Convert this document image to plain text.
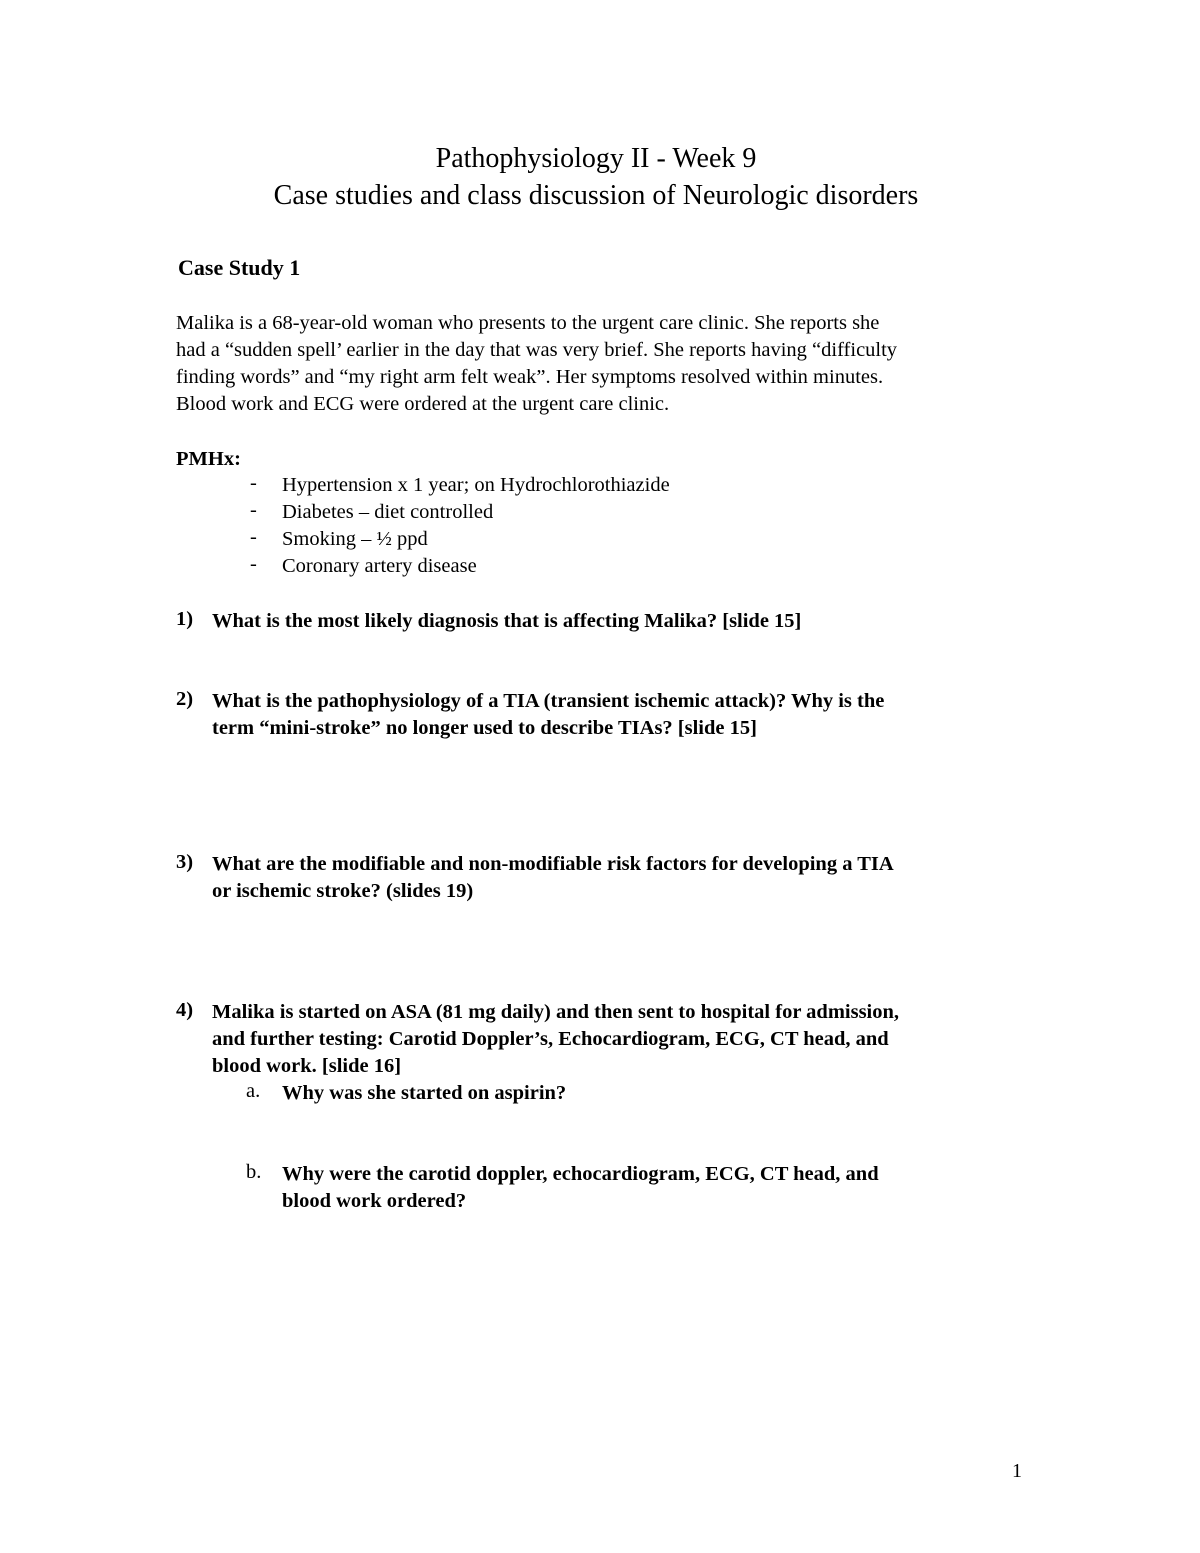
Pathophysiology II - Week 9
Case studies and class discussion of Neurologic disorders
Case Study 1
Malika is a 68-year-old woman who presents to the urgent care clinic. She reports she
had a “sudden spell’ earlier in the day that was very brief. She reports having “difficulty
finding words” and “my right arm felt weak”. Her symptoms resolved within minutes.
Blood work and ECG were ordered at the urgent care clinic.
PMHx:
- Hypertension x 1 year; on Hydrochlorothiazide
- Diabetes – diet controlled
- Smoking – ½ ppd
- Coronary artery disease
1) What is the most likely diagnosis that is affecting Malika? [slide 15]
2) What is the pathophysiology of a TIA (transient ischemic attack)? Why is the
term “mini-stroke” no longer used to describe TIAs? [slide 15]
3) What are the modifiable and non-modifiable risk factors for developing a TIA
or ischemic stroke? (slides 19)
4) Malika is started on ASA (81 mg daily) and then sent to hospital for admission,
and further testing: Carotid Doppler’s, Echocardiogram, ECG, CT head, and
blood work. [slide 16]
a. Why was she started on aspirin?
b. Why were the carotid doppler, echocardiogram, ECG, CT head, and
blood work ordered?
1
